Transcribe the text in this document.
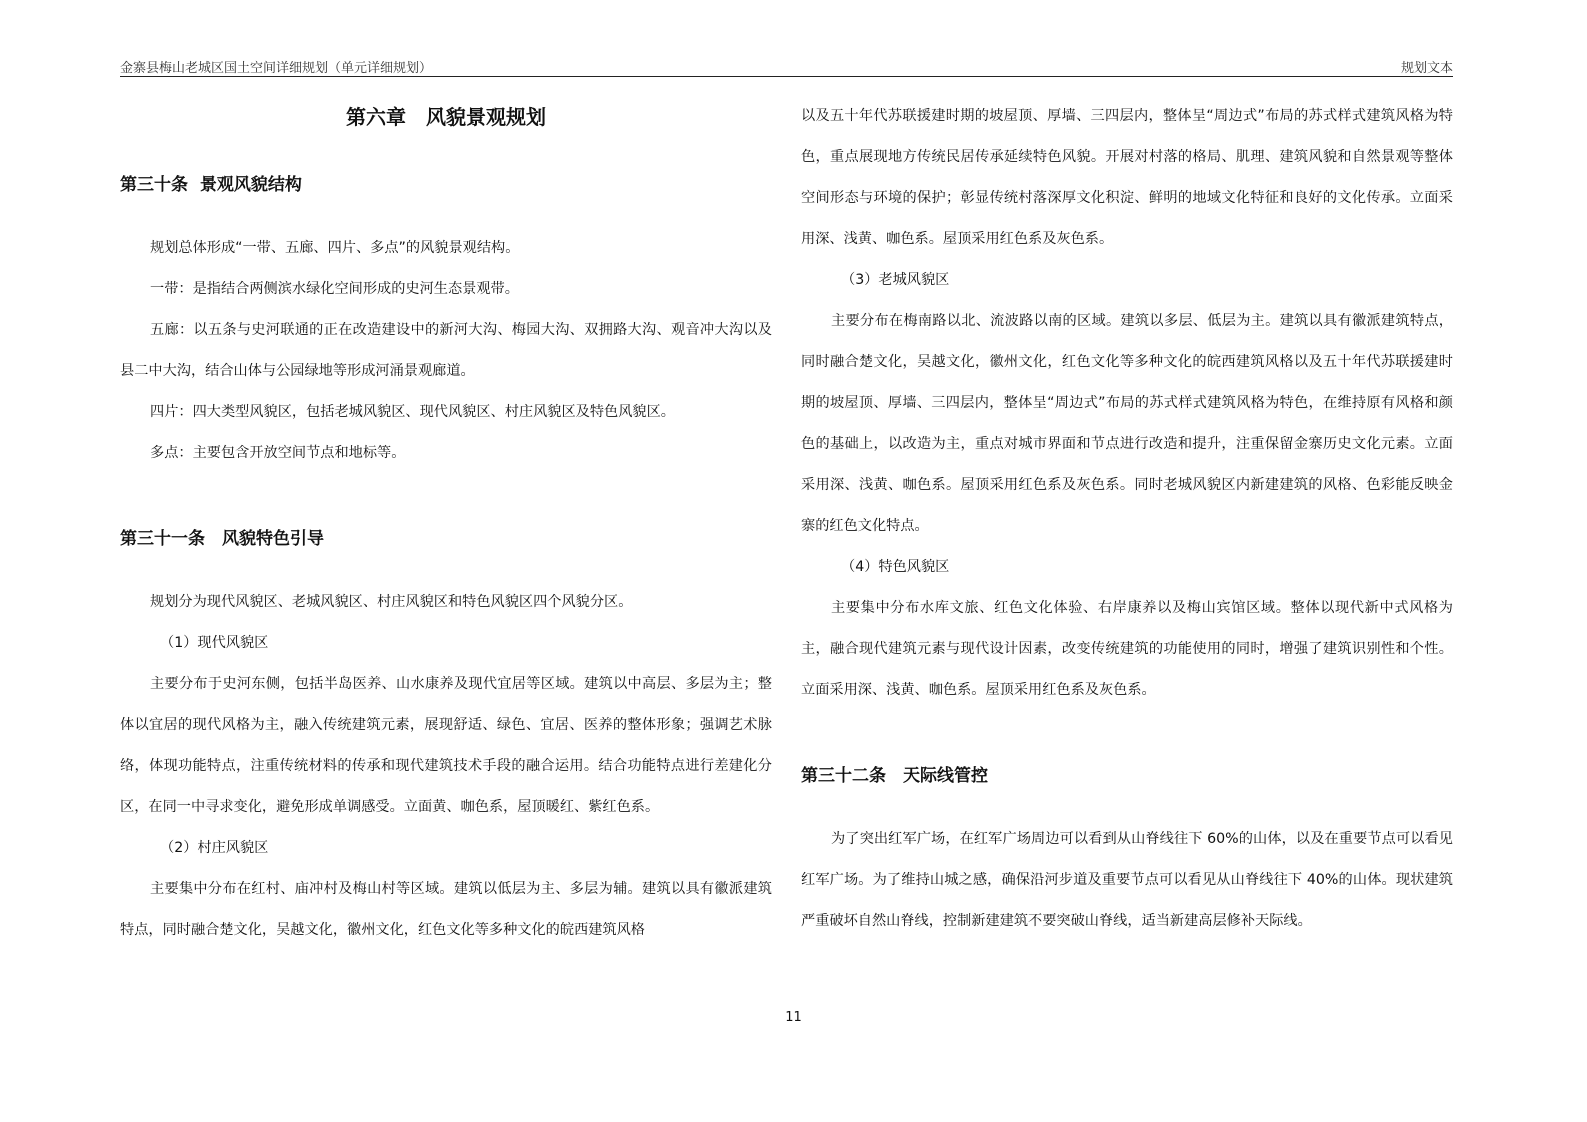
金寨县梅山老城区国土空间详细规划（单元详细规划）	规划文本
第六章　风貌景观规划
第三十条  景观风貌结构

规划总体形成“一带、五廊、四片、多点”的风貌景观结构。

一带：是指结合两侧滨水绿化空间形成的史河生态景观带。

五廊：以五条与史河联通的正在改造建设中的新河大沟、梅园大沟、双拥路大沟、观音冲大沟以及县二中大沟，结合山体与公园绿地等形成河涌景观廊道。

四片：四大类型风貌区，包括老城风貌区、现代风貌区、村庄风貌区及特色风貌区。

多点：主要包含开放空间节点和地标等。

第三十一条　风貌特色引导

规划分为现代风貌区、老城风貌区、村庄风貌区和特色风貌区四个风貌分区。

（1）现代风貌区

主要分布于史河东侧，包括半岛医养、山水康养及现代宜居等区域。建筑以中高层、多层为主；整体以宜居的现代风格为主，融入传统建筑元素，展现舒适、绿色、宜居、医养的整体形象；强调艺术脉络，体现功能特点，注重传统材料的传承和现代建筑技术手段的融合运用。结合功能特点进行差建化分区，在同一中寻求变化，避免形成单调感受。立面黄、咖色系，屋顶暖红、紫红色系。

（2）村庄风貌区

主要集中分布在红村、庙冲村及梅山村等区域。建筑以低层为主、多层为辅。建筑以具有徽派建筑特点，同时融合楚文化，吴越文化，徽州文化，红色文化等多种文化的皖西建筑风格

以及五十年代苏联援建时期的坡屋顶、厚墙、三四层内，整体呈“周边式”布局的苏式样式建筑风格为特色，重点展现地方传统民居传承延续特色风貌。开展对村落的格局、肌理、建筑风貌和自然景观等整体空间形态与环境的保护；彰显传统村落深厚文化积淀、鲜明的地域文化特征和良好的文化传承。立面采用深、浅黄、咖色系。屋顶采用红色系及灰色系。

（3）老城风貌区

主要分布在梅南路以北、流波路以南的区域。建筑以多层、低层为主。建筑以具有徽派建筑特点，同时融合楚文化，吴越文化，徽州文化，红色文化等多种文化的皖西建筑风格以及五十年代苏联援建时期的坡屋顶、厚墙、三四层内，整体呈“周边式”布局的苏式样式建筑风格为特色，在维持原有风格和颜色的基础上，以改造为主，重点对城市界面和节点进行改造和提升，注重保留金寨历史文化元素。立面采用深、浅黄、咖色系。屋顶采用红色系及灰色系。同时老城风貌区内新建建筑的风格、色彩能反映金寨的红色文化特点。

（4）特色风貌区

主要集中分布水库文旅、红色文化体验、右岸康养以及梅山宾馆区域。整体以现代新中式风格为主，融合现代建筑元素与现代设计因素，改变传统建筑的功能使用的同时，增强了建筑识别性和个性。立面采用深、浅黄、咖色系。屋顶采用红色系及灰色系。

第三十二条　天际线管控

为了突出红军广场，在红军广场周边可以看到从山脊线往下 60%的山体，以及在重要节点可以看见红军广场。为了维持山城之感，确保沿河步道及重要节点可以看见从山脊线往下 40%的山体。现状建筑严重破坏自然山脊线，控制新建建筑不要突破山脊线，适当新建高层修补天际线。

11
